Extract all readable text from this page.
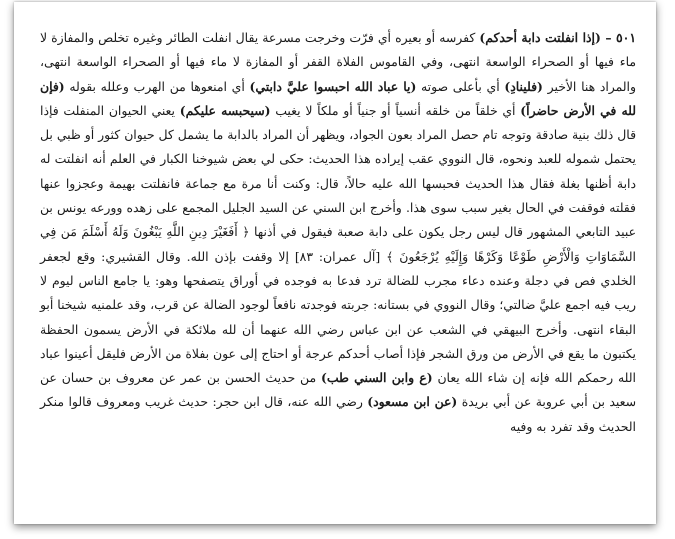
٥٠١ – (إذا انفلتت دابة أحدكم) كفرسه أو بعيره أي فرّت وخرجت مسرعة يقال انفلت الطائر وغيره تخلص والمفازة لا ماء فيها أو الصحراء الواسعة انتهى، وفي القاموس الفلاة القفر أو المفازة لا ماء فيها أو الصحراء الواسعة انتهى، والمراد هنا الأخير (فلينادِ) أي بأعلى صوته (يا عباد الله احبسوا عليَّ دابتي) أي امنعوها من الهرب وعلله بقوله (فإن لله في الأرض حاضراً) أي خلقاً من خلقه أنسياً أو جنياً أو ملكاً لا يغيب (سيحبسه عليكم) يعني الحيوان المنفلت فإذا قال ذلك بنية صادقة وتوجه تام حصل المراد بعون الجواد، ويظهر أن المراد بالدابة ما يشمل كل حيوان كثور أو ظبي بل يحتمل شموله للعبد ونحوه، قال النووي عقب إيراده هذا الحديث: حكى لي بعض شيوخنا الكبار في العلم أنه انفلتت له دابة أظنها بغلة فقال هذا الحديث فحبسها الله عليه حالاً، قال: وكنت أنا مرة مع جماعة فانفلتت بهيمة وعجزوا عنها فقلته فوقفت في الحال بغير سبب سوى هذا. وأخرج ابن السني عن السيد الجليل المجمع على زهده وورعه يونس بن عبيد التابعي المشهور قال ليس رجل يكون على دابة صعبة فيقول في أذنها ﴿ أَفَغَيْرَ دِينِ اللَّهِ يَبْغُونَ وَلَهُ أَسْلَمَ مَن فِي السَّمَاوَاتِ وَالْأَرْضِ طَوْعًا وَكَرْهًا وَإِلَيْهِ يُرْجَعُونَ ﴾ [آل عمران: ٨٣] إلا وقفت بإذن الله. وقال القشيري: وقع لجعفر الخلدي فص في دجلة وعنده دعاء مجرب للضالة ترد فدعا به فوجده في أوراق يتصفحها وهو: يا جامع الناس ليوم لا ريب فيه اجمع عليَّ ضالتي؛ وقال النووي في بستانه: جربته فوجدته نافعاً لوجود الضالة عن قرب، وقد علمنيه شيخنا أبو البقاء انتهى. وأخرج البيهقي في الشعب عن ابن عباس رضي الله عنهما أن لله ملائكة في الأرض يسمون الحفظة يكتبون ما يقع في الأرض من ورق الشجر فإذا أصاب أحدكم عرجة أو احتاج إلى عون بفلاة من الأرض فليقل أعينوا عباد الله رحمكم الله فإنه إن شاء الله يعان (ع وابن السني طب) من حديث الحسن بن عمر عن معروف بن حسان عن سعيد بن أبي عروبة عن أبي بريدة (عن ابن مسعود) رضي الله عنه، قال ابن حجر: حديث غريب ومعروف قالوا منكر الحديث وقد تفرد به وفيه
